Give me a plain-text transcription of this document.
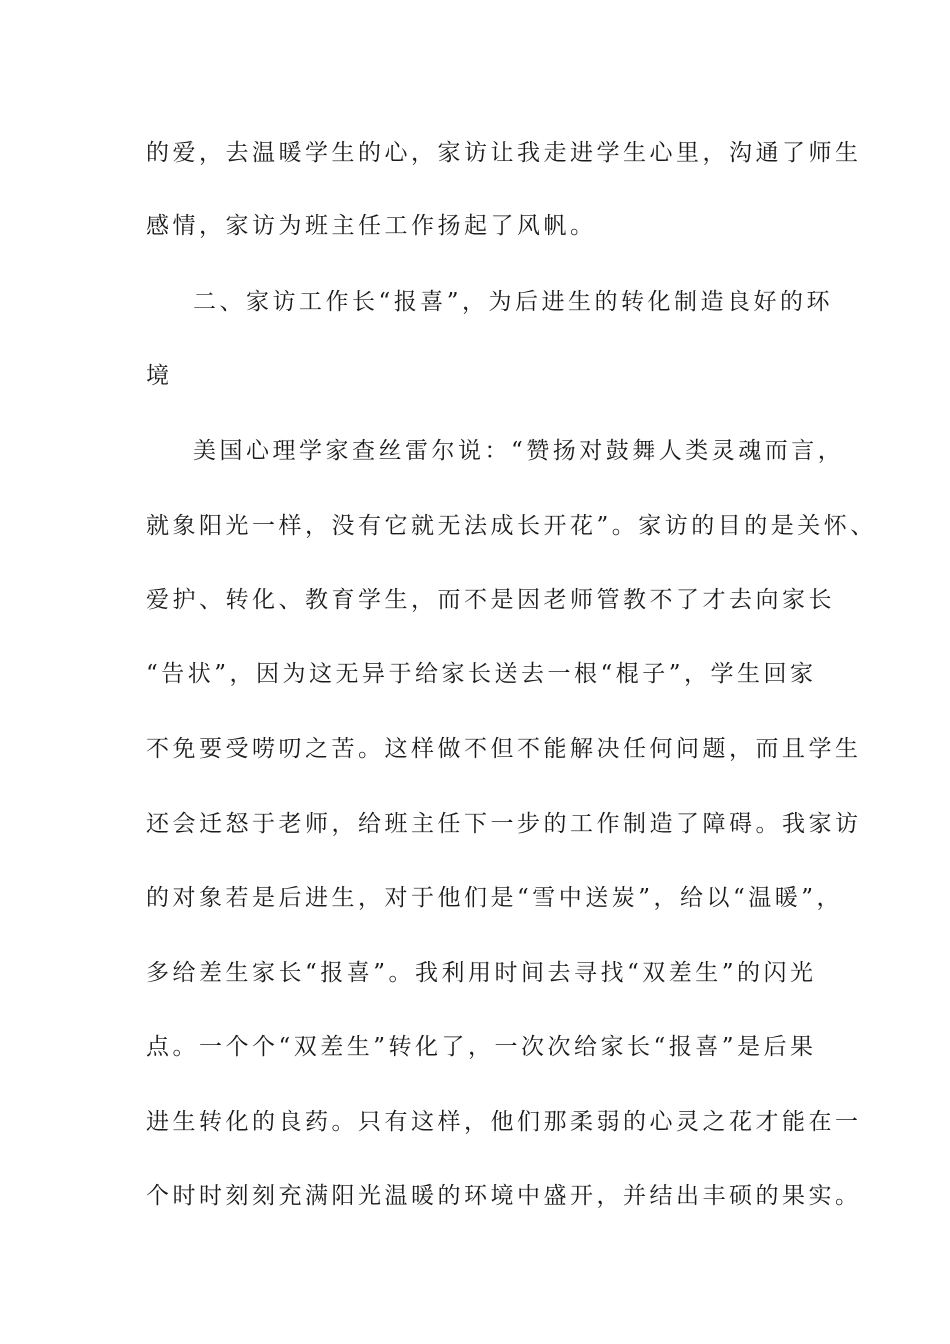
的爱，去温暖学生的心，家访让我走进学生心里，沟通了师生
感情，家访为班主任工作扬起了风帆。
二、家访工作长“报喜”，为后进生的转化制造良好的环
境
美国心理学家查丝雷尔说：“赞扬对鼓舞人类灵魂而言，
就象阳光一样，没有它就无法成长开花”。家访的目的是关怀、
爱护、转化、教育学生，而不是因老师管教不了才去向家长
“告状”，因为这无异于给家长送去一根“棍子”，学生回家
不免要受唠叨之苦。这样做不但不能解决任何问题，而且学生
还会迁怒于老师，给班主任下一步的工作制造了障碍。我家访
的对象若是后进生，对于他们是“雪中送炭”，给以“温暖”，
多给差生家长“报喜”。我利用时间去寻找“双差生”的闪光
点。一个个“双差生”转化了，一次次给家长“报喜”是后果
进生转化的良药。只有这样，他们那柔弱的心灵之花才能在一
个时时刻刻充满阳光温暖的环境中盛开，并结出丰硕的果实。
